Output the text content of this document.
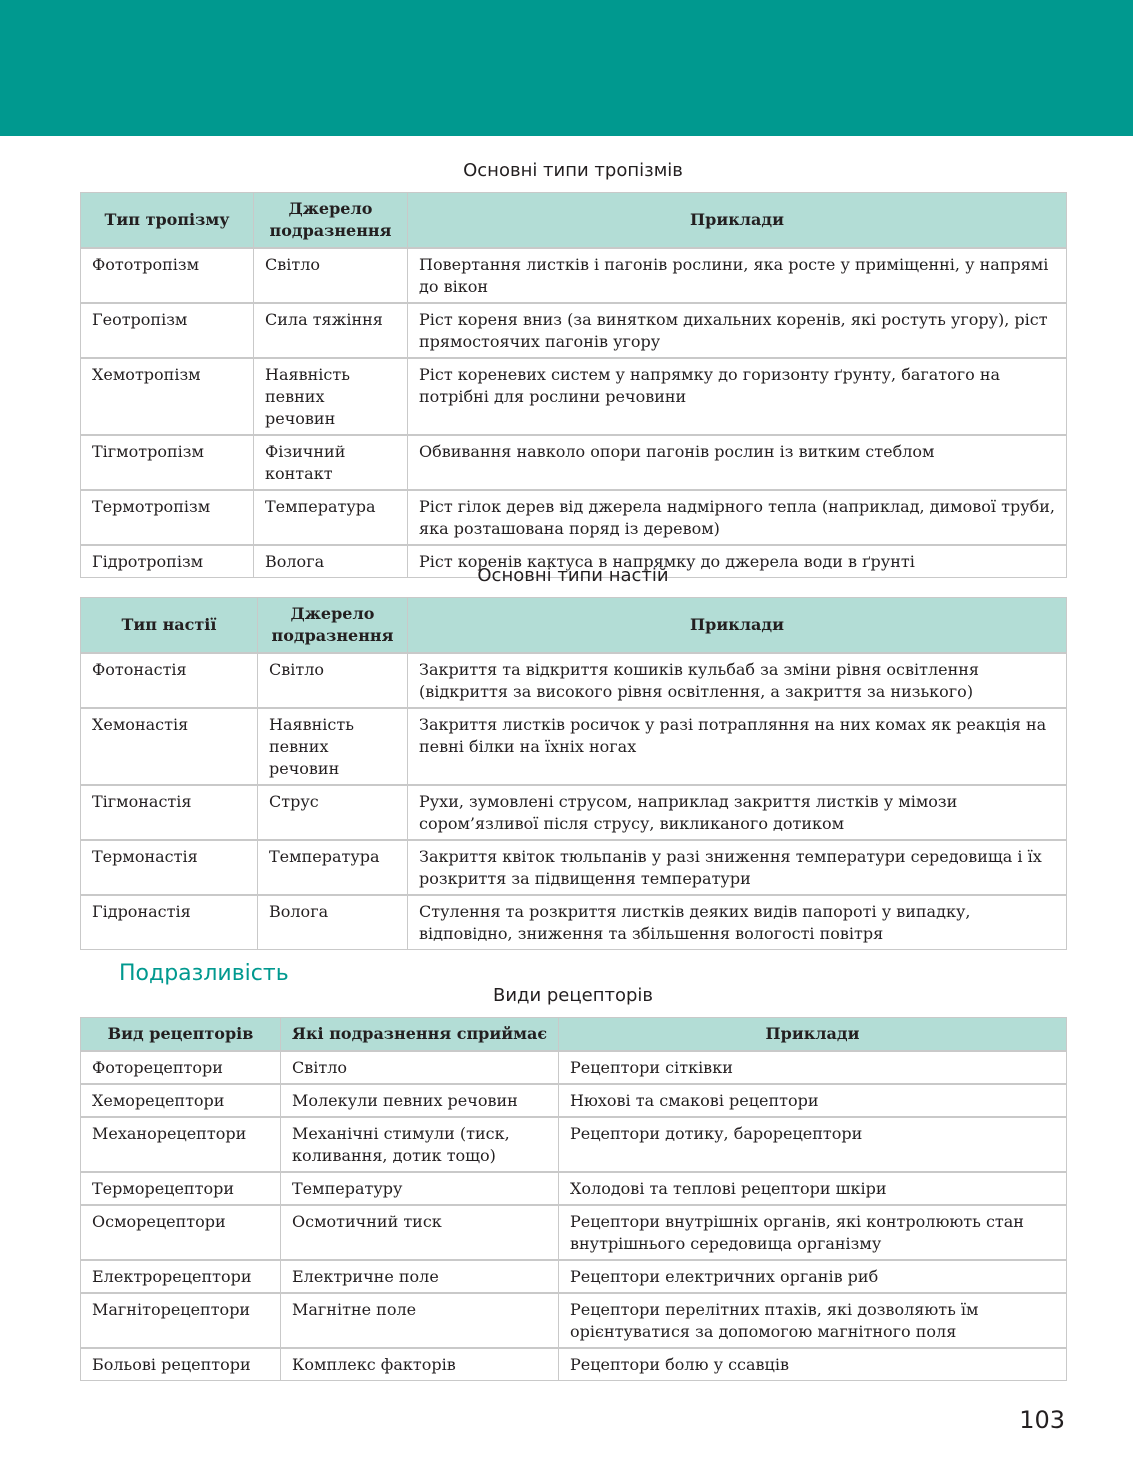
Основні типи тропізмів
Тип тропізму	Джерело подразнення	Приклади
Фототропізм	Світло	Повертання листків і пагонів рослини, яка росте у приміщенні, у напрямі до вікон
Геотропізм	Сила тяжіння	Ріст кореня вниз (за винятком дихальних коренів, які ростуть угору), ріст прямостоячих пагонів угору
Хемотропізм	Наявність певних речовин	Ріст кореневих систем у напрямку до горизонту ґрунту, багатого на потрібні для рослини речовини
Тігмотропізм	Фізичний контакт	Обвивання навколо опори пагонів рослин із витким стеблом
Термотропізм	Температура	Ріст гілок дерев від джерела надмірного тепла (наприклад, димової труби, яка розташована поряд із деревом)
Гідротропізм	Волога	Ріст коренів кактуса в напрямку до джерела води в ґрунті
Основні типи настій
Тип настії	Джерело подразнення	Приклади
Фотонастія	Світло	Закриття та відкриття кошиків кульбаб за зміни рівня освітлення (відкриття за високого рівня освітлення, а закриття за низького)
Хемонастія	Наявність певних речовин	Закриття листків росичок у разі потрапляння на них комах як реакція на певні білки на їхніх ногах
Тігмонастія	Струс	Рухи, зумовлені струсом, наприклад закриття листків у мімози сором’язливої після струсу, викликаного дотиком
Термонастія	Температура	Закриття квіток тюльпанів у разі зниження температури середовища і їх розкриття за підвищення температури
Гідронастія	Волога	Стулення та розкриття листків деяких видів папороті у випадку, відповідно, зниження та збільшення вологості повітря
Подразливість
Види рецепторів
Вид рецепторів	Які подразнення сприймає	Приклади
Фоторецептори	Світло	Рецептори сітківки
Хеморецептори	Молекули певних речовин	Нюхові та смакові рецептори
Механорецептори	Механічні стимули (тиск, коливання, дотик тощо)	Рецептори дотику, барорецептори
Терморецептори	Температуру	Холодові та теплові рецептори шкіри
Осморецептори	Осмотичний тиск	Рецептори внутрішніх органів, які контролюють стан внутрішнього середовища організму
Електрорецептори	Електричне поле	Рецептори електричних органів риб
Магніторецептори	Магнітне поле	Рецептори перелітних птахів, які дозволяють їм орієнтуватися за допомогою магнітного поля
Больові рецептори	Комплекс факторів	Рецептори болю у ссавців
103
